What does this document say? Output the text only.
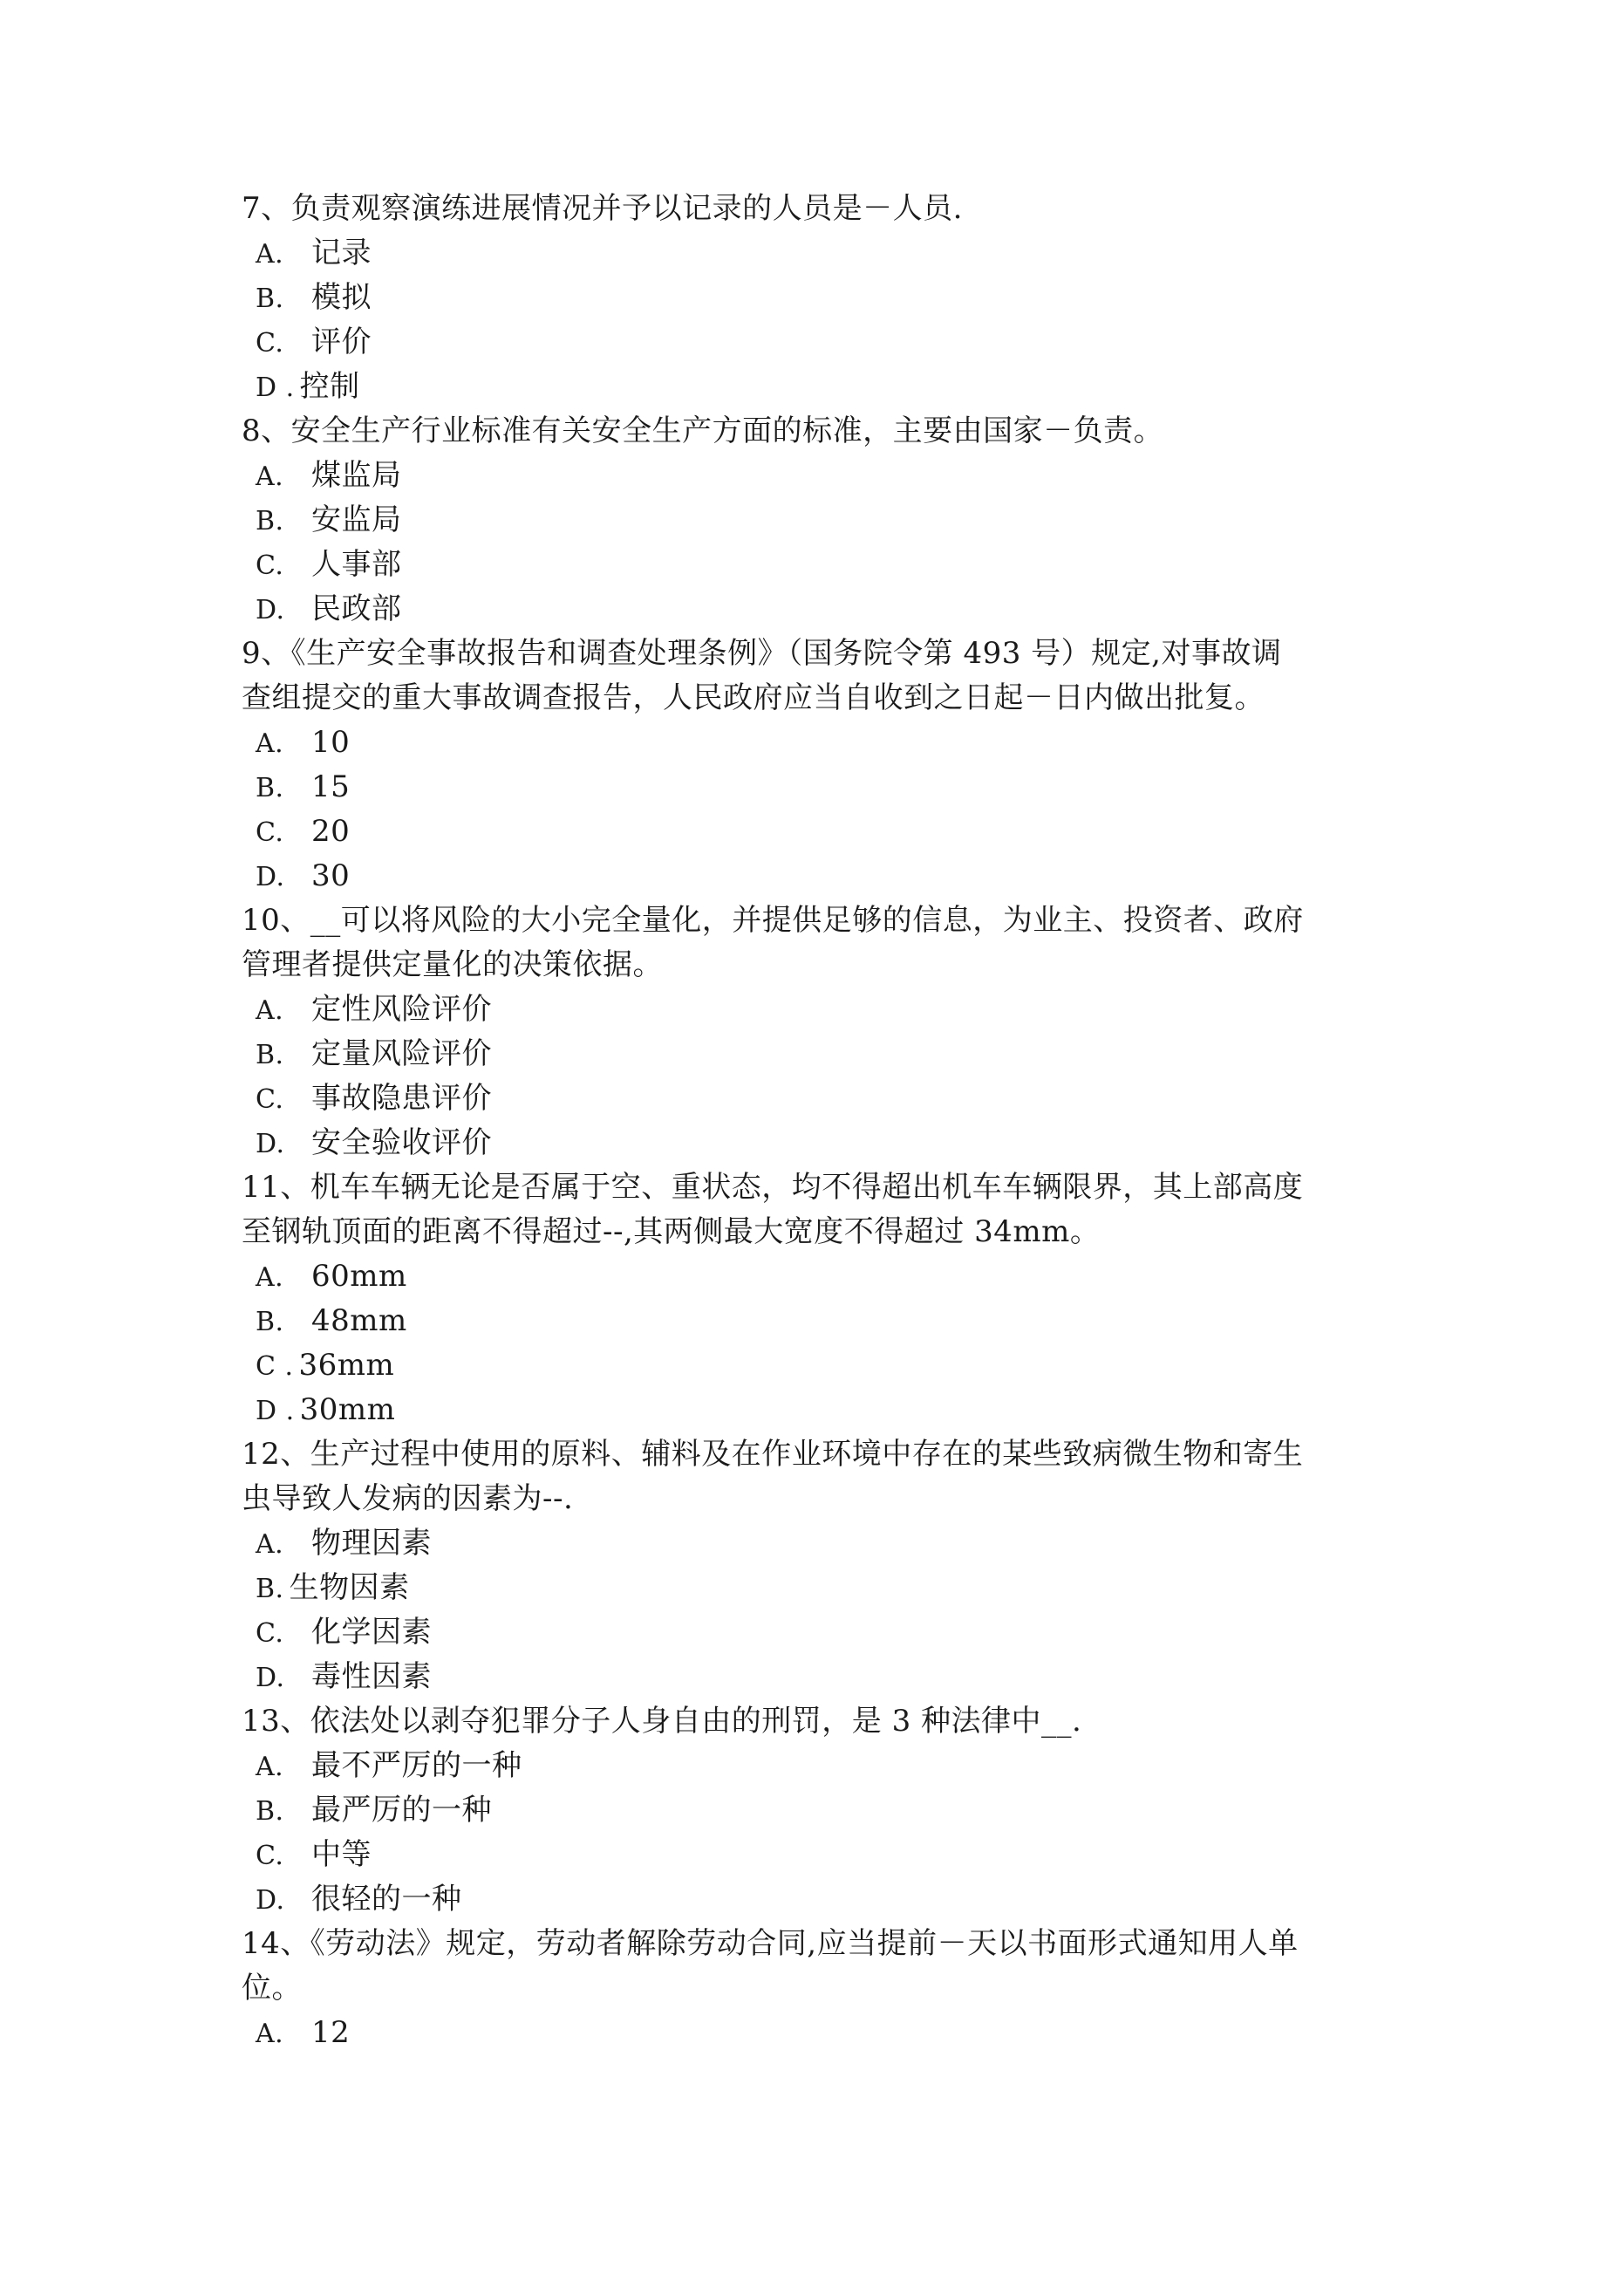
7、负责观察演练进展情况并予以记录的人员是－人员.
A. 记录
B. 模拟
C. 评价
D . 控制
8、安全生产行业标准有关安全生产方面的标准，主要由国家－负责。
A. 煤监局
B. 安监局
C. 人事部
D. 民政部
9、《生产安全事故报告和调查处理条例》（国务院令第 493 号）规定,对事故调
查组提交的重大事故调查报告，人民政府应当自收到之日起－日内做出批复。
A. 10
B. 15
C. 20
D. 30
10、__可以将风险的大小完全量化，并提供足够的信息，为业主、投资者、政府
管理者提供定量化的决策依据。
A. 定性风险评价
B. 定量风险评价
C. 事故隐患评价
D. 安全验收评价
11、机车车辆无论是否属于空、重状态，均不得超出机车车辆限界，其上部高度
至钢轨顶面的距离不得超过--,其两侧最大宽度不得超过 34mm。
A. 60mm
B. 48mm
C . 36mm
D . 30mm
12、生产过程中使用的原料、辅料及在作业环境中存在的某些致病微生物和寄生
虫导致人发病的因素为--.
A. 物理因素
B. 生物因素
C. 化学因素
D. 毒性因素
13、依法处以剥夺犯罪分子人身自由的刑罚，是 3 种法律中__.
A. 最不严厉的一种
B. 最严厉的一种
C. 中等
D. 很轻的一种
14、《劳动法》规定，劳动者解除劳动合同,应当提前－天以书面形式通知用人单
位。
A. 12
